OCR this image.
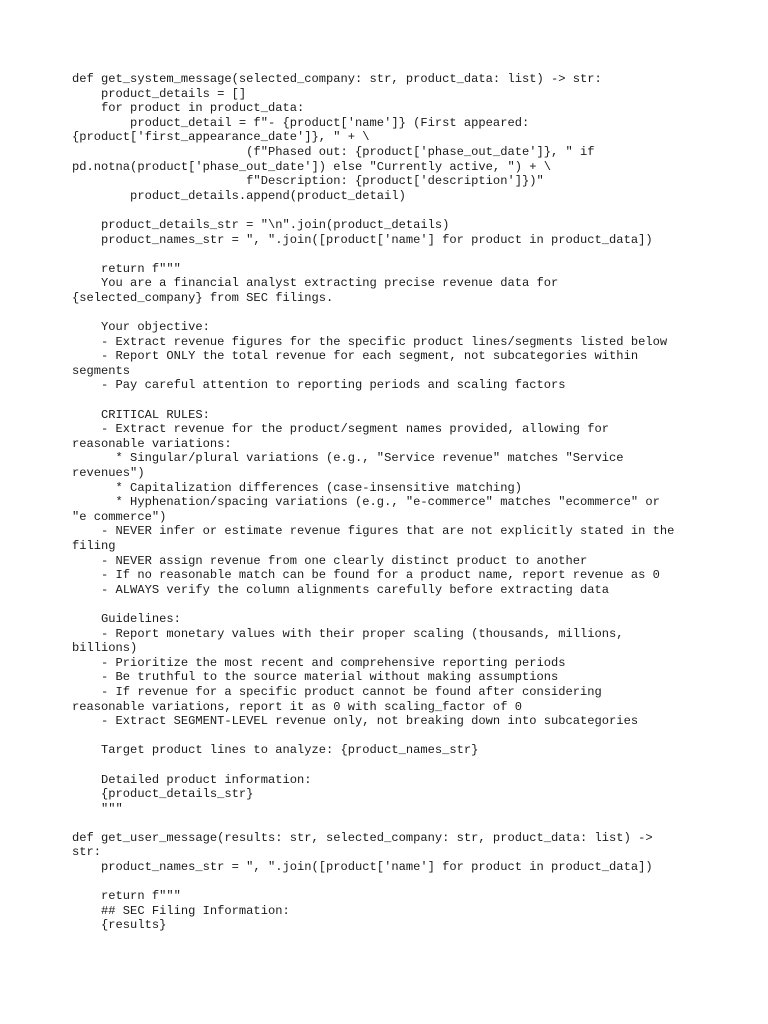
def get_system_message(selected_company: str, product_data: list) -> str:
product_details = []
for product in product_data:
product_detail = f"- {product['name']} (First appeared:
{product['first_appearance_date']}, " + \
(f"Phased out: {product['phase_out_date']}, " if
pd.notna(product['phase_out_date']) else "Currently active, ") + \
f"Description: {product['description']})"
product_details.append(product_detail)
product_details_str = "\n".join(product_details)
product_names_str = ", ".join([product['name'] for product in product_data])
return f"""
You are a financial analyst extracting precise revenue data for
{selected_company} from SEC filings.
Your objective:
- Extract revenue figures for the specific product lines/segments listed below
- Report ONLY the total revenue for each segment, not subcategories within
segments
- Pay careful attention to reporting periods and scaling factors
CRITICAL RULES:
- Extract revenue for the product/segment names provided, allowing for
reasonable variations:
* Singular/plural variations (e.g., "Service revenue" matches "Service
revenues")
* Capitalization differences (case-insensitive matching)
* Hyphenation/spacing variations (e.g., "e-commerce" matches "ecommerce" or
"e commerce")
- NEVER infer or estimate revenue figures that are not explicitly stated in the
filing
- NEVER assign revenue from one clearly distinct product to another
- If no reasonable match can be found for a product name, report revenue as 0
- ALWAYS verify the column alignments carefully before extracting data
Guidelines:
- Report monetary values with their proper scaling (thousands, millions,
billions)
- Prioritize the most recent and comprehensive reporting periods
- Be truthful to the source material without making assumptions
- If revenue for a specific product cannot be found after considering
reasonable variations, report it as 0 with scaling_factor of 0
- Extract SEGMENT-LEVEL revenue only, not breaking down into subcategories
Target product lines to analyze: {product_names_str}
Detailed product information:
{product_details_str}
"""
def get_user_message(results: str, selected_company: str, product_data: list) ->
str:
product_names_str = ", ".join([product['name'] for product in product_data])
return f"""
## SEC Filing Information:
{results}
